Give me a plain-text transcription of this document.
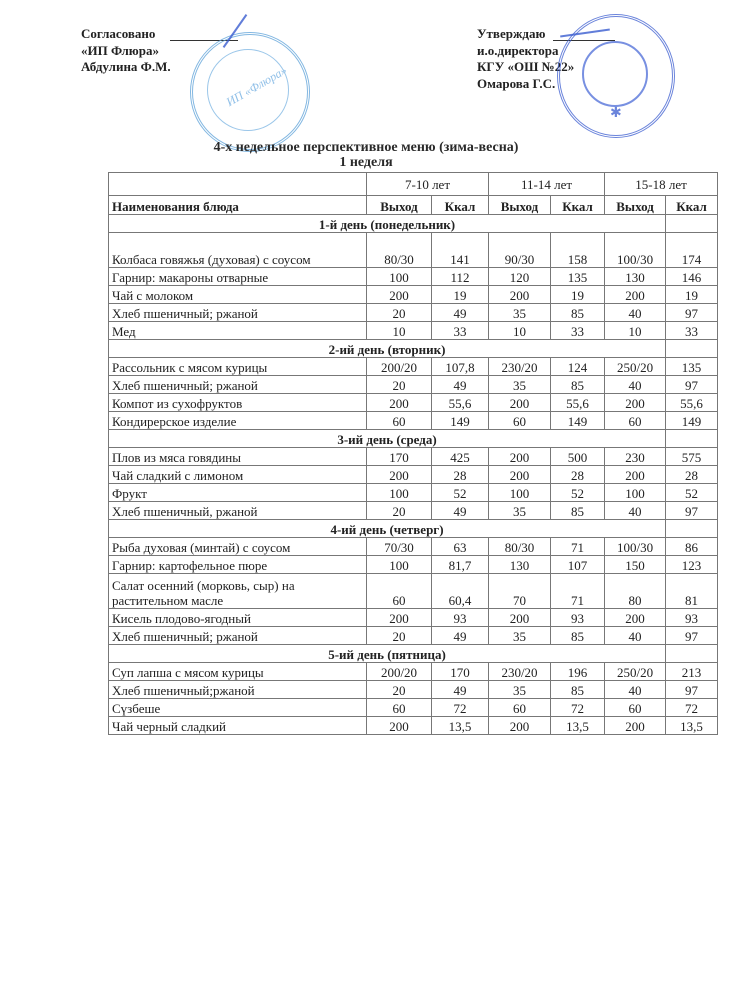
Согласовано
«ИП Флюра»
Абдулина Ф.М.	ИП «Флюра»
Утверждаю
и.о.директора
КГУ «ОШ №22»
Омарова Г.С.
✱
4-х недельное перспективное меню (зима-весна)
1 неделя
	7-10 лет		11-14 лет		15-18 лет	
Наименования блюда	Выход	Ккал	Выход	Ккал	Выход	Ккал
1-й день (понедельник)						
Колбаса говяжья (духовая) с соусом	80/30	141	90/30	158	100/30	174
Гарнир: макароны отварные	100	112	120	135	130	146
Чай с молоком	200	19	200	19	200	19
Хлеб пшеничный; ржаной	20	49	35	85	40	97
Мед	10	33	10	33	10	33
2-ий день (вторник)						
Рассольник с мясом курицы	200/20	107,8	230/20	124	250/20	135
Хлеб пшеничный; ржаной	20	49	35	85	40	97
Компот из сухофруктов	200	55,6	200	55,6	200	55,6
Кондирерское изделие	60	149	60	149	60	149
3-ий день (среда)						
Плов из мяса говядины	170	425	200	500	230	575
Чай сладкий с лимоном	200	28	200	28	200	28
Фрукт	100	52	100	52	100	52
Хлеб пшеничный, ржаной	20	49	35	85	40	97
4-ий день (четверг)						
Рыба духовая (минтай) с соусом	70/30	63	80/30	71	100/30	86
Гарнир: картофельное пюре	100	81,7	130	107	150	123
Салат осенний (морковь, сыр) на растительном масле	60	60,4	70	71	80	81
Кисель плодово-ягодный	200	93	200	93	200	93
Хлеб пшеничный; ржаной	20	49	35	85	40	97
5-ий день (пятница)						
Суп лапша с мясом курицы	200/20	170	230/20	196	250/20	213
Хлеб пшеничный;ржаной	20	49	35	85	40	97
Сүзбеше	60	72	60	72	60	72
Чай черный сладкий	200	13,5	200	13,5	200	13,5
